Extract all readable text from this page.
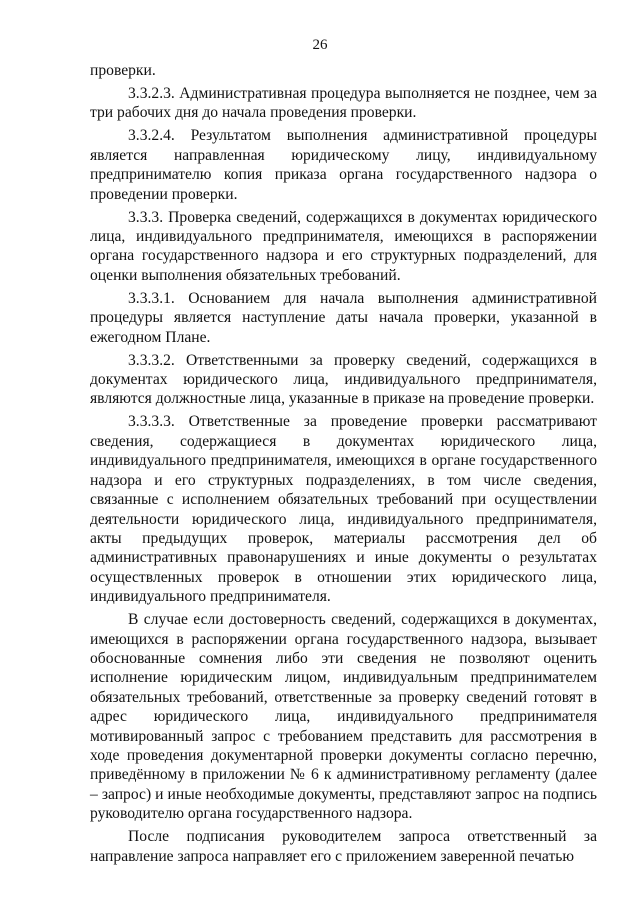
26

проверки.

3.3.2.3. Административная процедура выполняется не позднее, чем за три рабочих дня до начала проведения проверки.

3.3.2.4. Результатом выполнения административной процедуры является направленная юридическому лицу, индивидуальному предпринимателю копия приказа органа государственного надзора о проведении проверки.

3.3.3. Проверка сведений, содержащихся в документах юридического лица, индивидуального предпринимателя, имеющихся в распоряжении органа государственного надзора и его структурных подразделений, для оценки выполнения обязательных требований.

3.3.3.1. Основанием для начала выполнения административной процедуры является наступление даты начала проверки, указанной в ежегодном Плане.

3.3.3.2. Ответственными за проверку сведений, содержащихся в документах юридического лица, индивидуального предпринимателя, являются должностные лица, указанные в приказе на проведение проверки.

3.3.3.3. Ответственные за проведение проверки рассматривают сведения, содержащиеся в документах юридического лица, индивидуального предпринимателя, имеющихся в органе государственного надзора и его структурных подразделениях, в том числе сведения, связанные с исполнением обязательных требований при осуществлении деятельности юридического лица, индивидуального предпринимателя, акты предыдущих проверок, материалы рассмотрения дел об административных правонарушениях и иные документы о результатах осуществленных проверок в отношении этих юридического лица, индивидуального предпринимателя.

В случае если достоверность сведений, содержащихся в документах, имеющихся в распоряжении органа государственного надзора, вызывает обоснованные сомнения либо эти сведения не позволяют оценить исполнение юридическим лицом, индивидуальным предпринимателем обязательных требований, ответственные за проверку сведений готовят в адрес юридического лица, индивидуального предпринимателя мотивированный запрос с требованием представить для рассмотрения в ходе проведения документарной проверки документы согласно перечню, приведённому в приложении № 6 к административному регламенту (далее – запрос) и иные необходимые документы, представляют запрос на подпись руководителю органа государственного надзора.

После подписания руководителем запроса ответственный за направление запроса направляет его с приложением заверенной печатью
